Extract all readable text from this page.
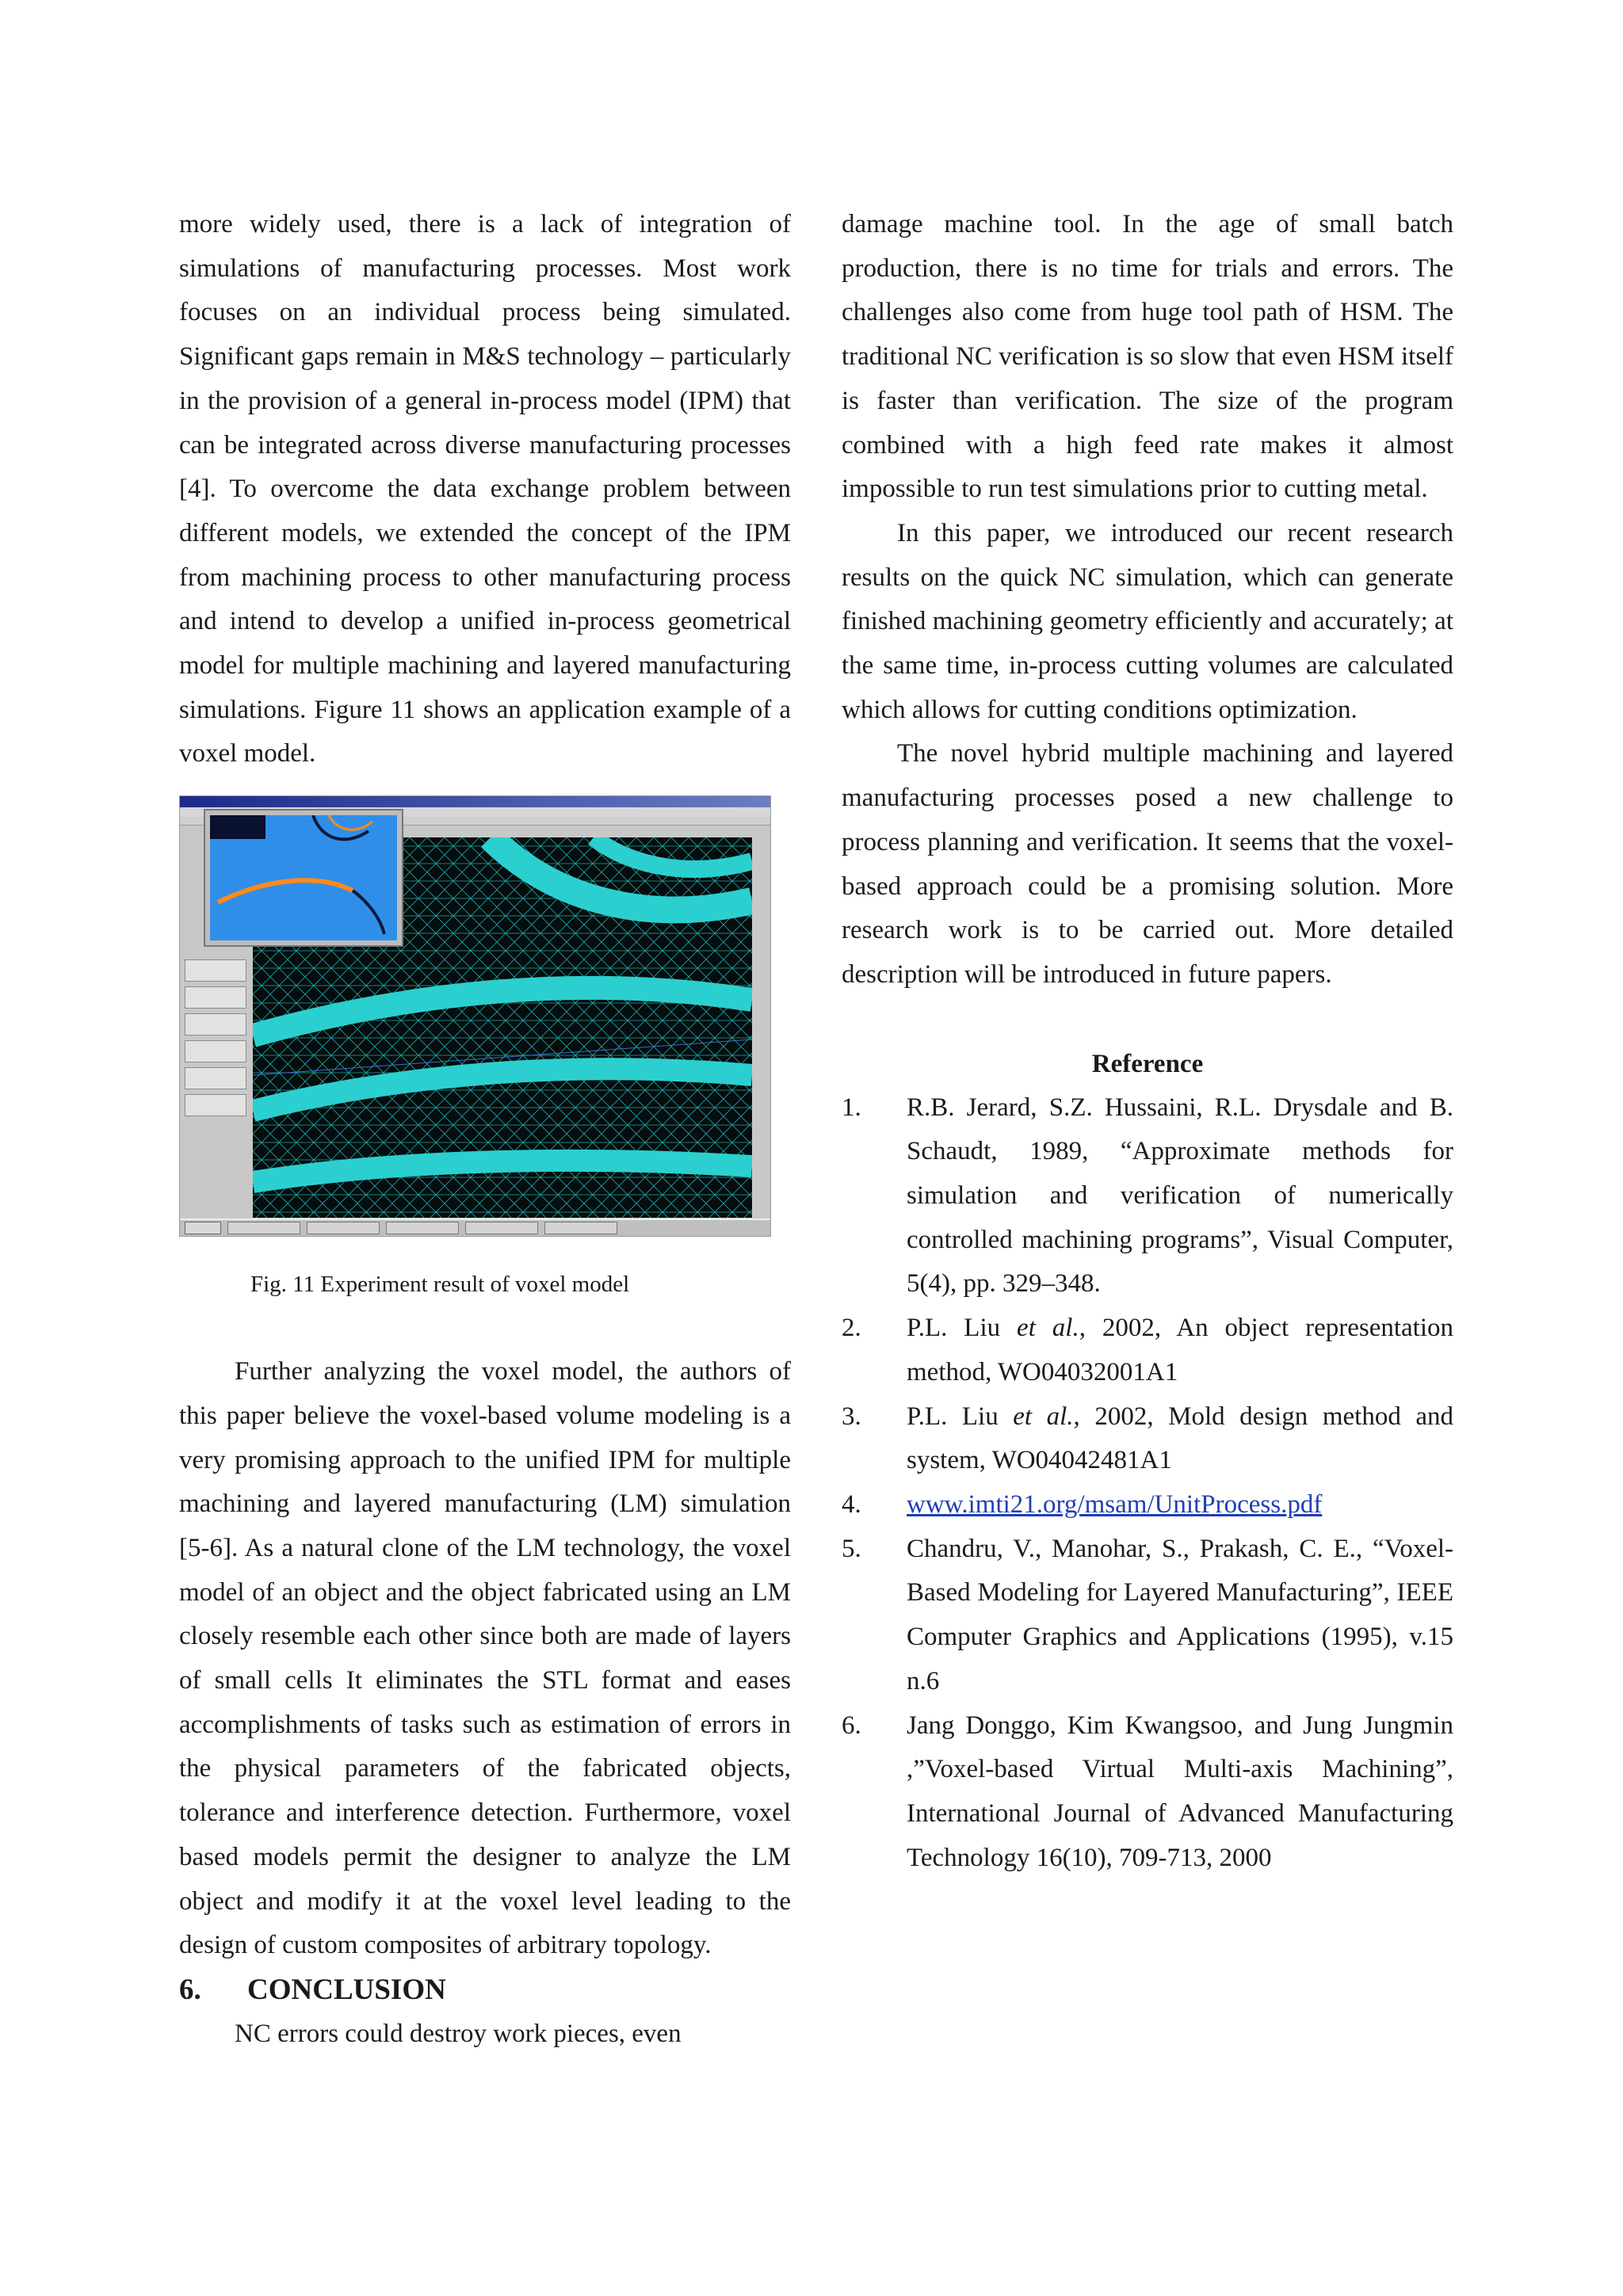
more widely used, there is a lack of integration of simulations of manufacturing processes. Most work focuses on an individual process being simulated. Significant gaps remain in M&S technology – particularly in the provision of a general in-process model (IPM) that can be integrated across diverse manufacturing processes [4]. To overcome the data exchange problem between different models, we extended the concept of the IPM from machining process to other manufacturing process and intend to develop a unified in-process geometrical model for multiple machining and layered manufacturing simulations. Figure 11 shows an application example of a voxel model.

Fig. 11 Experiment result of voxel model

Further analyzing the voxel model, the authors of this paper believe the voxel-based volume modeling is a very promising approach to the unified IPM for multiple machining and layered manufacturing (LM) simulation [5-6]. As a natural clone of the LM technology, the voxel model of an object and the object fabricated using an LM closely resemble each other since both are made of layers of small cells It eliminates the STL format and eases accomplishments of tasks such as estimation of errors in the physical parameters of the fabricated objects, tolerance and interference detection. Furthermore, voxel based models permit the designer to analyze the LM object and modify it at the voxel level leading to the design of custom composites of arbitrary topology.

6. CONCLUSION

NC errors could destroy work pieces, even

damage machine tool. In the age of small batch production, there is no time for trials and errors. The challenges also come from huge tool path of HSM. The traditional NC verification is so slow that even HSM itself is faster than verification. The size of the program combined with a high feed rate makes it almost impossible to run test simulations prior to cutting metal.

In this paper, we introduced our recent research results on the quick NC simulation, which can generate finished machining geometry efficiently and accurately; at the same time, in-process cutting volumes are calculated which allows for cutting conditions optimization.

The novel hybrid multiple machining and layered manufacturing processes posed a new challenge to process planning and verification. It seems that the voxel-based approach could be a promising solution. More research work is to be carried out. More detailed description will be introduced in future papers.

Reference
1.	R.B. Jerard, S.Z. Hussaini, R.L. Drysdale and B. Schaudt, 1989, “Approximate methods for simulation and verification of numerically controlled machining programs”, Visual Computer, 5(4), pp. 329–348.
2.	P.L. Liu et al., 2002, An object representation method, WO04032001A1
3.	P.L. Liu et al., 2002, Mold design method and system, WO04042481A1
4.	www.imti21.org/msam/UnitProcess.pdf
5.	Chandru, V., Manohar, S., Prakash, C. E., “Voxel-Based Modeling for Layered Manufacturing”, IEEE Computer Graphics and Applications (1995), v.15 n.6
6.	Jang Donggo, Kim Kwangsoo, and Jung Jungmin ,”Voxel-based Virtual Multi-axis Machining”, International Journal of Advanced Manufacturing Technology 16(10), 709-713, 2000
